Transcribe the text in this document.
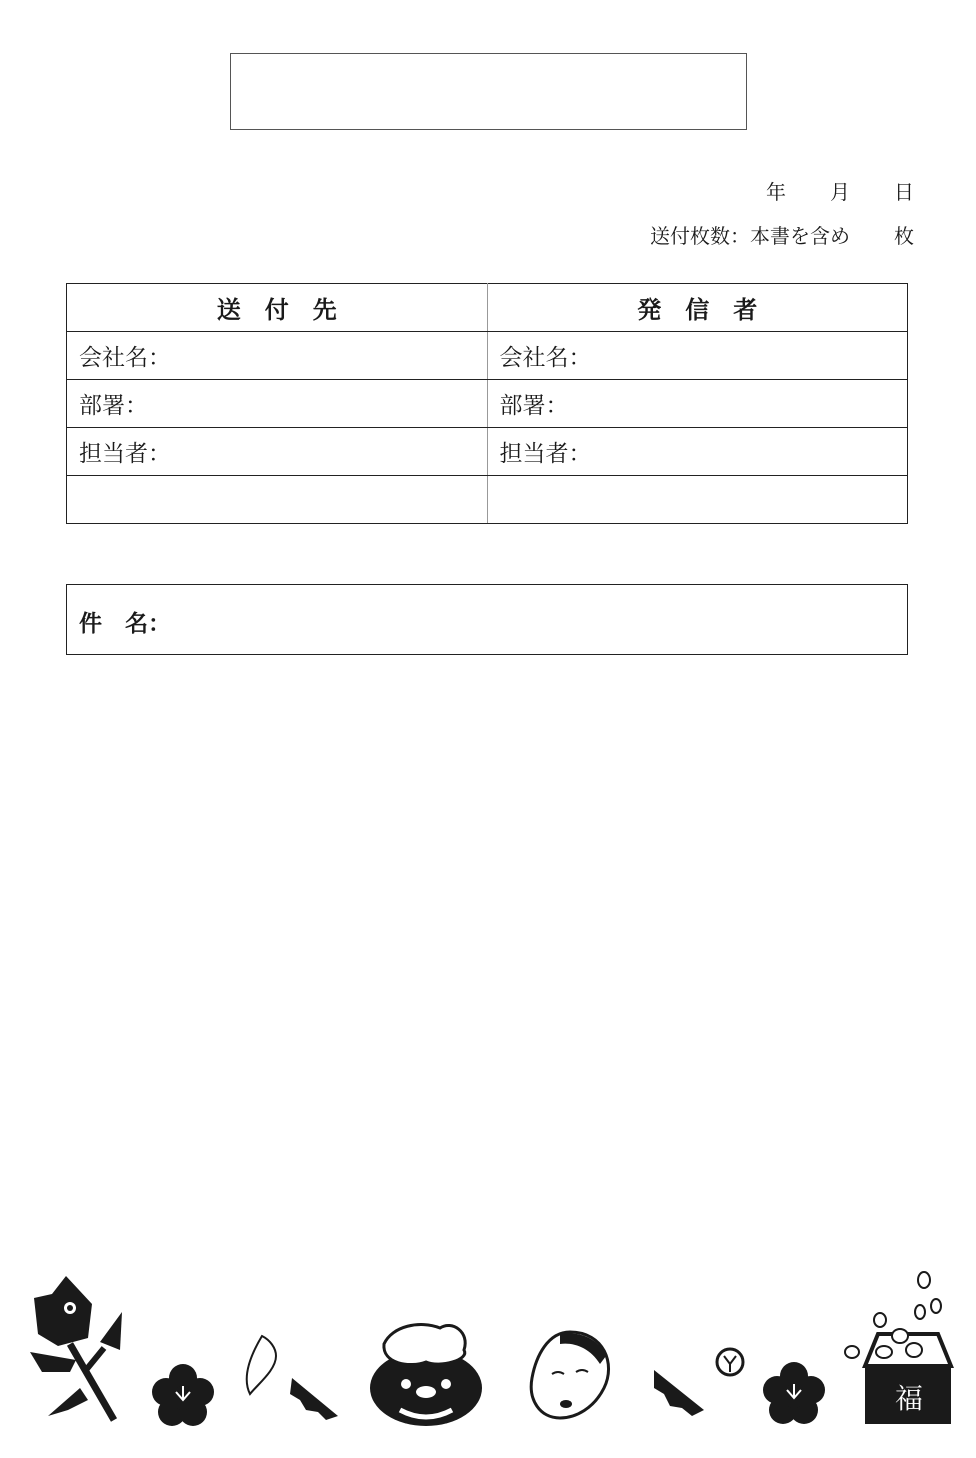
年 月 日
送付枚数：本書を含め 枚
送　付　先	発　信　者
会社名：	会社名：
部署：	部署：
担当者：	担当者：

件　名：
福
